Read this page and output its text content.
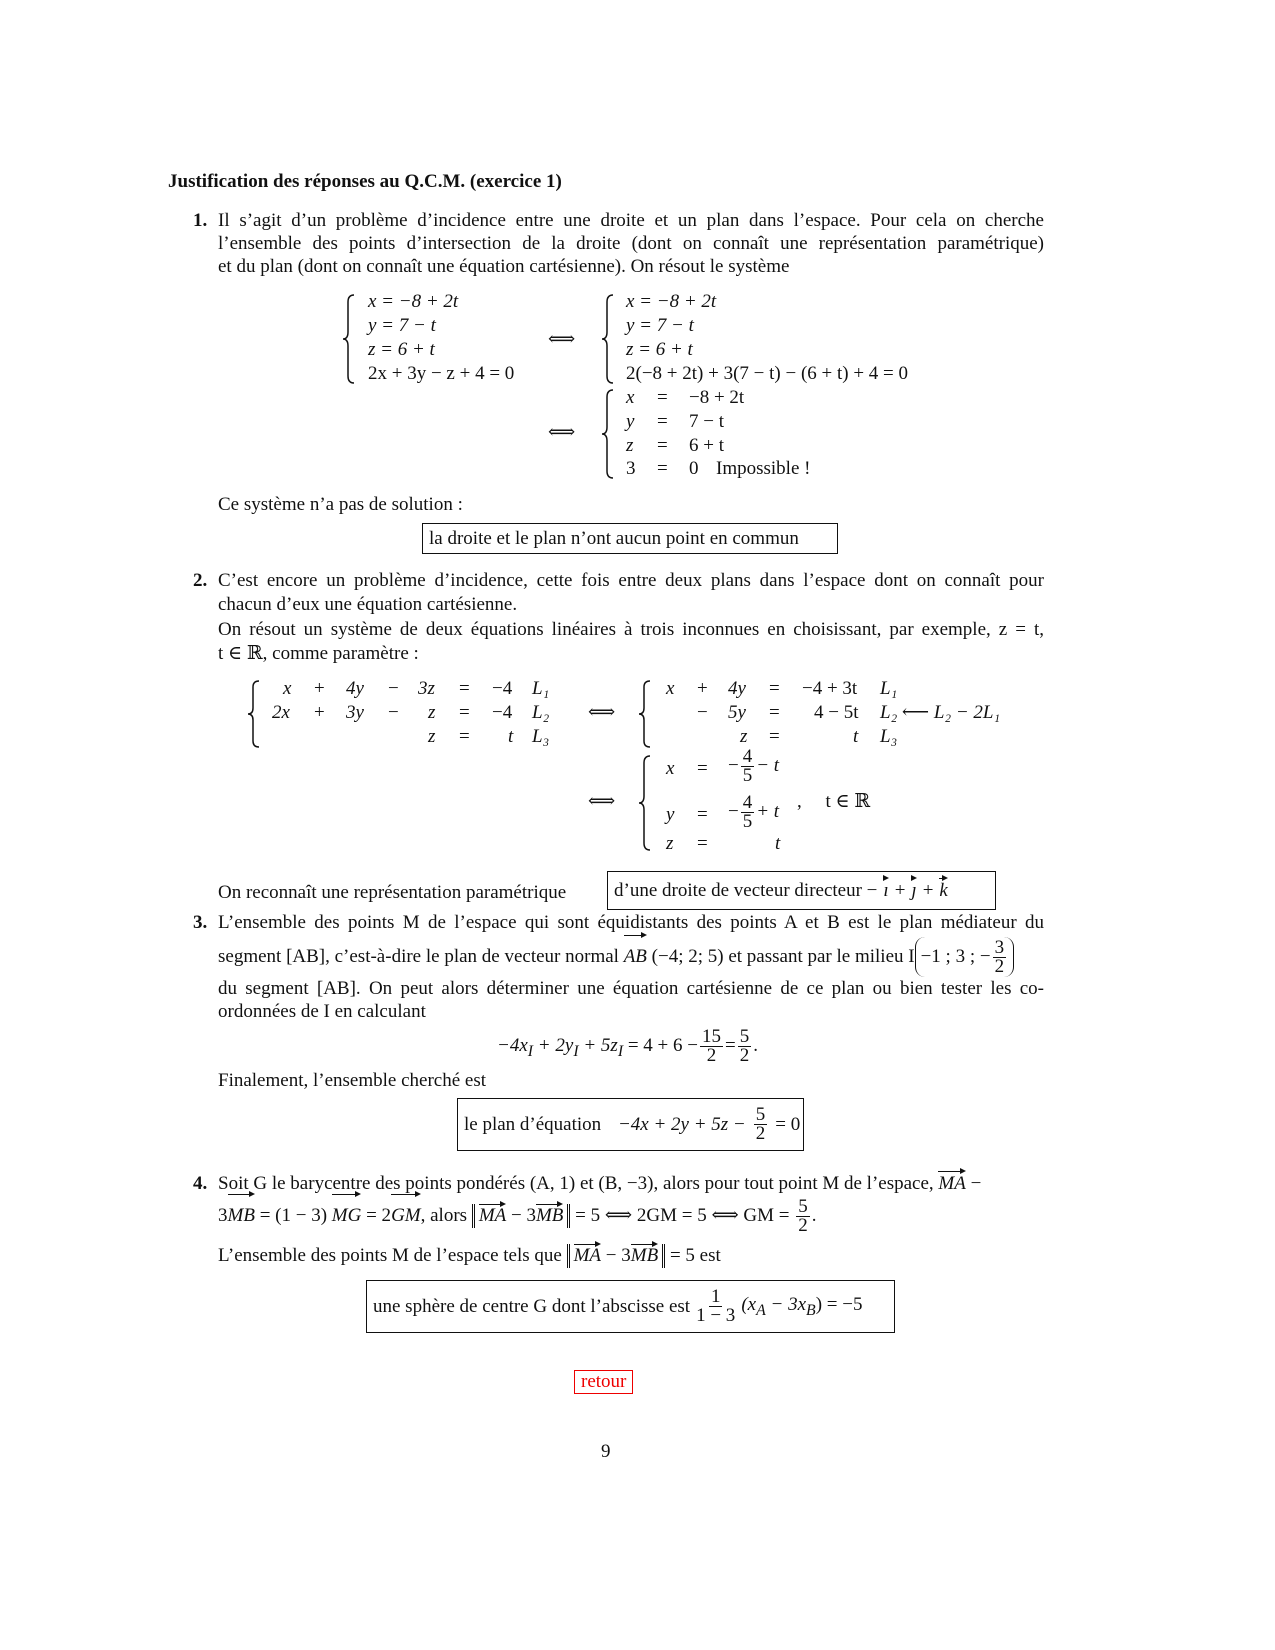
Justification des réponses au Q.C.M. (exercice 1)
1. Il s’agit d’un problème d’incidence entre une droite et un plan dans l’espace. Pour cela on cherche
l’ensemble des points d’intersection de la droite (dont on connaît une représentation paramétrique)
et du plan (dont on connaît une équation cartésienne). On résout le système
x = −8 + 2t
y = 7 − t
z = 6 + t
2x + 3y − z + 4 = 0
⟺
x = −8 + 2t
y = 7 − t
z = 6 + t
2(−8 + 2t) + 3(7 − t) − (6 + t) + 4 = 0
⟺
x = −8 + 2t
y = 7 − t
z = 6 + t
3 = 0 Impossible !
Ce système n’a pas de solution :
la droite et le plan n’ont aucun point en commun
2. C’est encore un problème d’incidence, cette fois entre deux plans dans l’espace dont on connaît pour
chacun d’eux une équation cartésienne.
On résout un système de deux équations linéaires à trois inconnues en choisissant, par exemple, z = t,
t ∈ ℝ, comme paramètre :
x + 4y − 3z = −4 L₁
2x + 3y − z = −4 L₂
z = t L₃
⟺
x + 4y = −4 + 3t L₁
− 5y = 4 − 5t L₂ ⟵ L₂ − 2L₁
z =	t L₃
⟺
x = − $\frac{4}{5} - t$
y = − $\frac{4}{5} + t$
z =	t
,     t ∈ ℝ
On reconnaît une représentation paramétrique	d’une droite de vecteur directeur − ı + ȷ + k
3. L’ensemble des points M de l’espace qui sont équidistants des points A et B est le plan médiateur du
segment [AB], c’est-à-dire le plan de vecteur normal AB (−4; 2; 5) et passant par le milieu I −1 ; 3 ; − $\frac{3}{2}$
du segment [AB]. On peut alors déterminer une équation cartésienne de ce plan ou bien tester les co-
ordonnées de I en calculant
$-4x_I + 2y_I + 5z_I = 4 + 6 - \frac{15}{2} = \frac{5}{2}$ .
Finalement, l’ensemble cherché est
le plan d’équation
$-4x + 2y + 5z - \frac{5}{2} = 0$
4. Soit G le barycentre des points pondérés (A, 1) et (B, −3), alors pour tout point M de l’espace, MA −
3MB = (1 − 3) MG = 2GM, alors MA − 3MB = 5 ⟺ 2GM = 5 ⟺ GM = $\frac{5}{2}$ .
L’ensemble des points M de l’espace tels que MA − 3MB = 5 est
une sphère de centre G dont l’abscisse est $\frac{1}{1 - 3} (x_A - 3x_B) = -5$
retour
9
